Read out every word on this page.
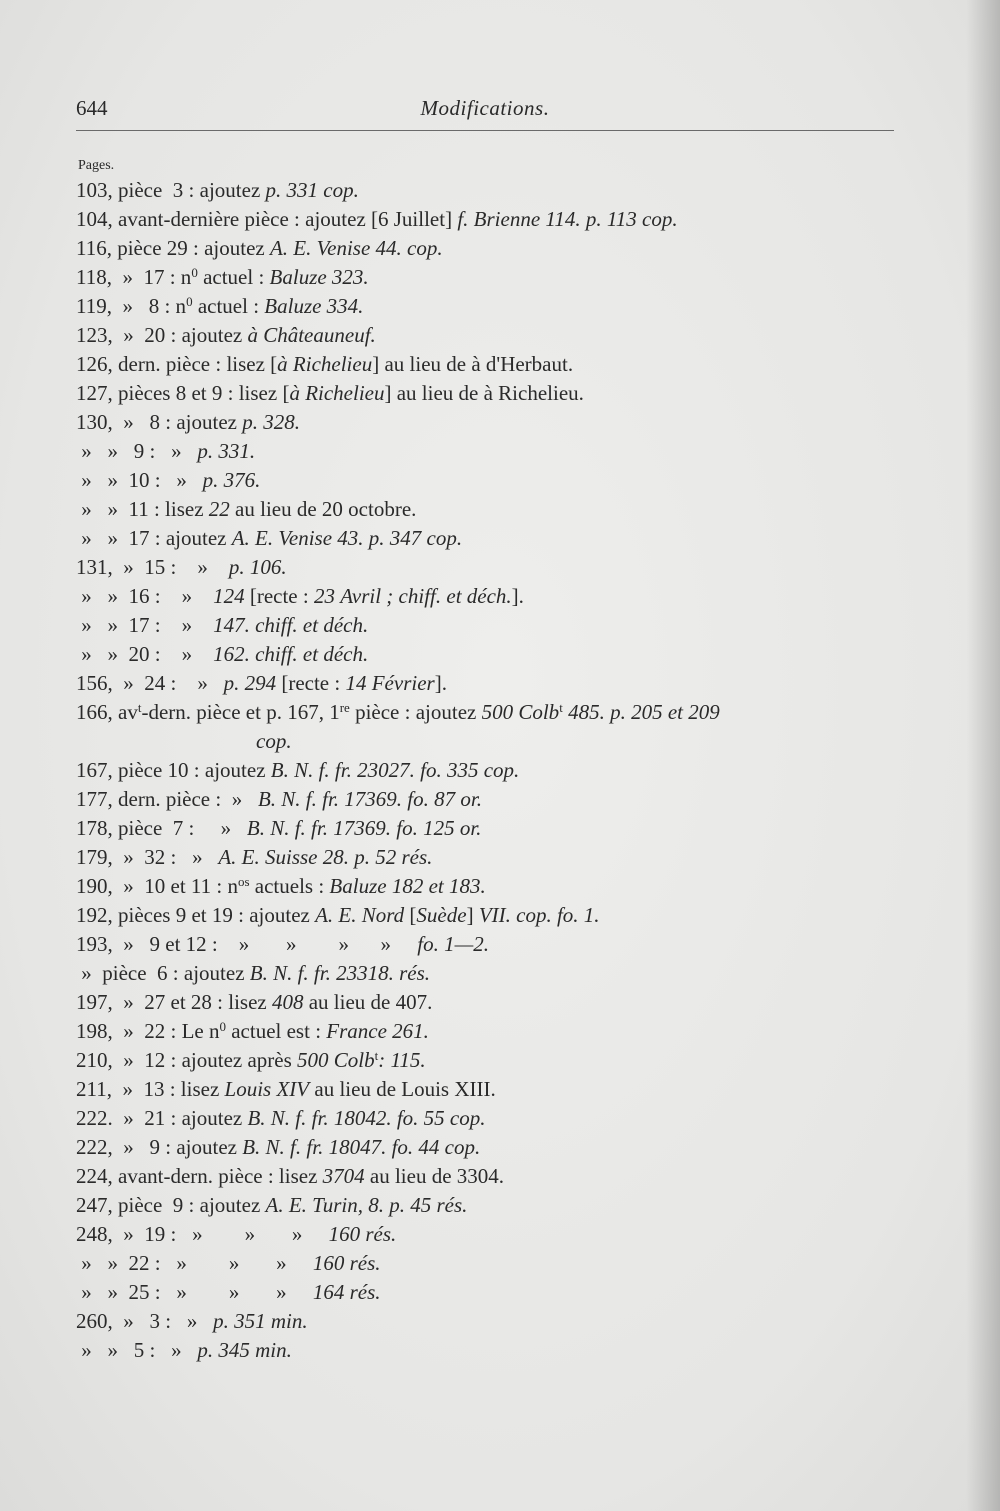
644	Modifications.
Pages.
103, pièce  3 : ajoutez p. 331 cop.
104, avant-dernière pièce : ajoutez [6 Juillet] f. Brienne 114. p. 113 cop.
116, pièce 29 : ajoutez A. E. Venise 44. cop.
118,  »  17 : $n^0$ actuel : Baluze 323.
119,  »   8 : $n^0$ actuel : Baluze 334.
123,  »  20 : ajoutez à Châteauneuf.
126, dern. pièce : lisez [à Richelieu] au lieu de à d'Herbaut.
127, pièces 8 et 9 : lisez [à Richelieu] au lieu de à Richelieu.
130,  »   8 : ajoutez p. 328.
»   »   9 :   »   p. 331.
»   »  10 :   »   p. 376.
»   »  11 : lisez 22 au lieu de 20 octobre.
»   »  17 : ajoutez A. E. Venise 43. p. 347 cop.
131,  »  15 :    »    p. 106.
»   »  16 :    »    124 [recte : 23 Avril ; chiff. et déch.].
»   »  17 :    »    147. chiff. et déch.
»   »  20 :    »    162. chiff. et déch.
156,  »  24 :    »   p. 294 [recte : 14 Février].
166, $av^t$-dern. pièce et p. 167, 1re pièce : ajoutez 500 Colb$^t$ 485. p. 205 et 209
cop.
167, pièce 10 : ajoutez B. N. f. fr. 23027. fo. 335 cop.
177, dern. pièce :  »   B. N. f. fr. 17369. fo. 87 or.
178, pièce  7 :     »   B. N. f. fr. 17369. fo. 125 or.
179,  »  32 :   »   A. E. Suisse 28. p. 52 rés.
190,  »  10 et 11 : $n^{os}$ actuels : Baluze 182 et 183.
192, pièces 9 et 19 : ajoutez A. E. Nord [Suède] VII. cop. fo. 1.
193,  »   9 et 12 :    »       »        »      »     fo. 1—2.
»  pièce  6 : ajoutez B. N. f. fr. 23318. rés.
197,  »  27 et 28 : lisez 408 au lieu de 407.
198,  »  22 : Le $n^0$ actuel est : France 261.
210,  »  12 : ajoutez après 500 Colb$^t$: 115.
211,  »  13 : lisez Louis XIV au lieu de Louis XIII.
222.  »  21 : ajoutez B. N. f. fr. 18042. fo. 55 cop.
222,  »   9 : ajoutez B. N. f. fr. 18047. fo. 44 cop.
224, avant-dern. pièce : lisez 3704 au lieu de 3304.
247, pièce  9 : ajoutez A. E. Turin, 8. p. 45 rés.
248,  »  19 :   »        »       »     160 rés.
»   »  22 :   »        »       »     160 rés.
»   »  25 :   »        »       »     164 rés.
260,  »   3 :   »   p. 351 min.
»   »   5 :   »   p. 345 min.
